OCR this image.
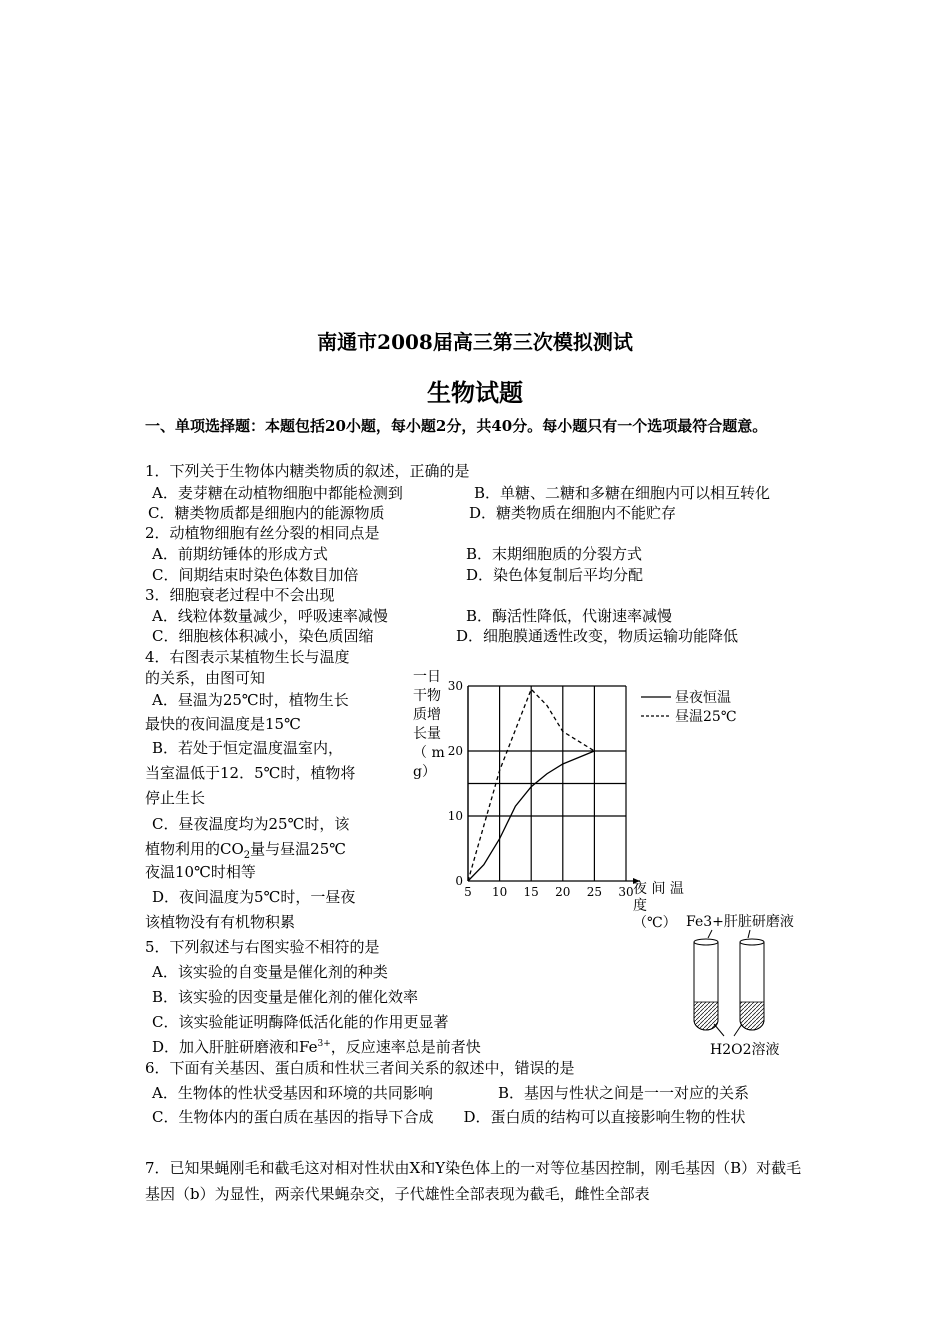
南通市2008届高三第三次模拟测试
生物试题
一、单项选择题：本题包括20小题，每小题2分，共40分。每小题只有一个选项最符合题意。
1．下列关于生物体内糖类物质的叙述，正确的是
A．麦芽糖在动植物细胞中都能检测到	B．单糖、二糖和多糖在细胞内可以相互转化
C．糖类物质都是细胞内的能源物质	D．糖类物质在细胞内不能贮存
2．动植物细胞有丝分裂的相同点是
A．前期纺锤体的形成方式	B．末期细胞质的分裂方式
C．间期结束时染色体数目加倍	D．染色体复制后平均分配
3．细胞衰老过程中不会出现
A．线粒体数量减少，呼吸速率减慢	B．酶活性降低，代谢速率减慢
C．细胞核体积减小，染色质固缩	D．细胞膜通透性改变，物质运输功能降低
4．右图表示某植物生长与温度
的关系，由图可知
A．昼温为25℃时，植物生长
最快的夜间温度是15℃
B．若处于恒定温度温室内，
当室温低于12．5℃时，植物将
停止生长
C．昼夜温度均为25℃时，该
植物利用的$CO_2$量与昼温25℃
夜温10℃时相等
D．夜间温度为5℃时，一昼夜
该植物没有有机物积累
一日
干物
质增
长量
（ m
g）
0
10
20
30
5 10 15 20 25 30
昼夜恒温
昼温25℃
夜 间 温
度
（℃）
5．下列叙述与右图实验不相符的是
A．该实验的自变量是催化剂的种类
B．该实验的因变量是催化剂的催化效率
C．该实验能证明酶降低活化能的作用更显著
D．加入肝脏研磨液和$Fe^{3+}$，反应速率总是前者快
Fe3+肝脏研磨液
H2O2溶液
6．下面有关基因、蛋白质和性状三者间关系的叙述中，错误的是
A．生物体的性状受基因和环境的共同影响	B．基因与性状之间是一一对应的关系
C．生物体内的蛋白质在基因的指导下合成 D．蛋白质的结构可以直接影响生物的性状
7．已知果蝇刚毛和截毛这对相对性状由X和Y染色体上的一对等位基因控制，刚毛基因（B）对截毛基因（b）为显性，两亲代果蝇杂交，子代雄性全部表现为截毛，雌性全部表
